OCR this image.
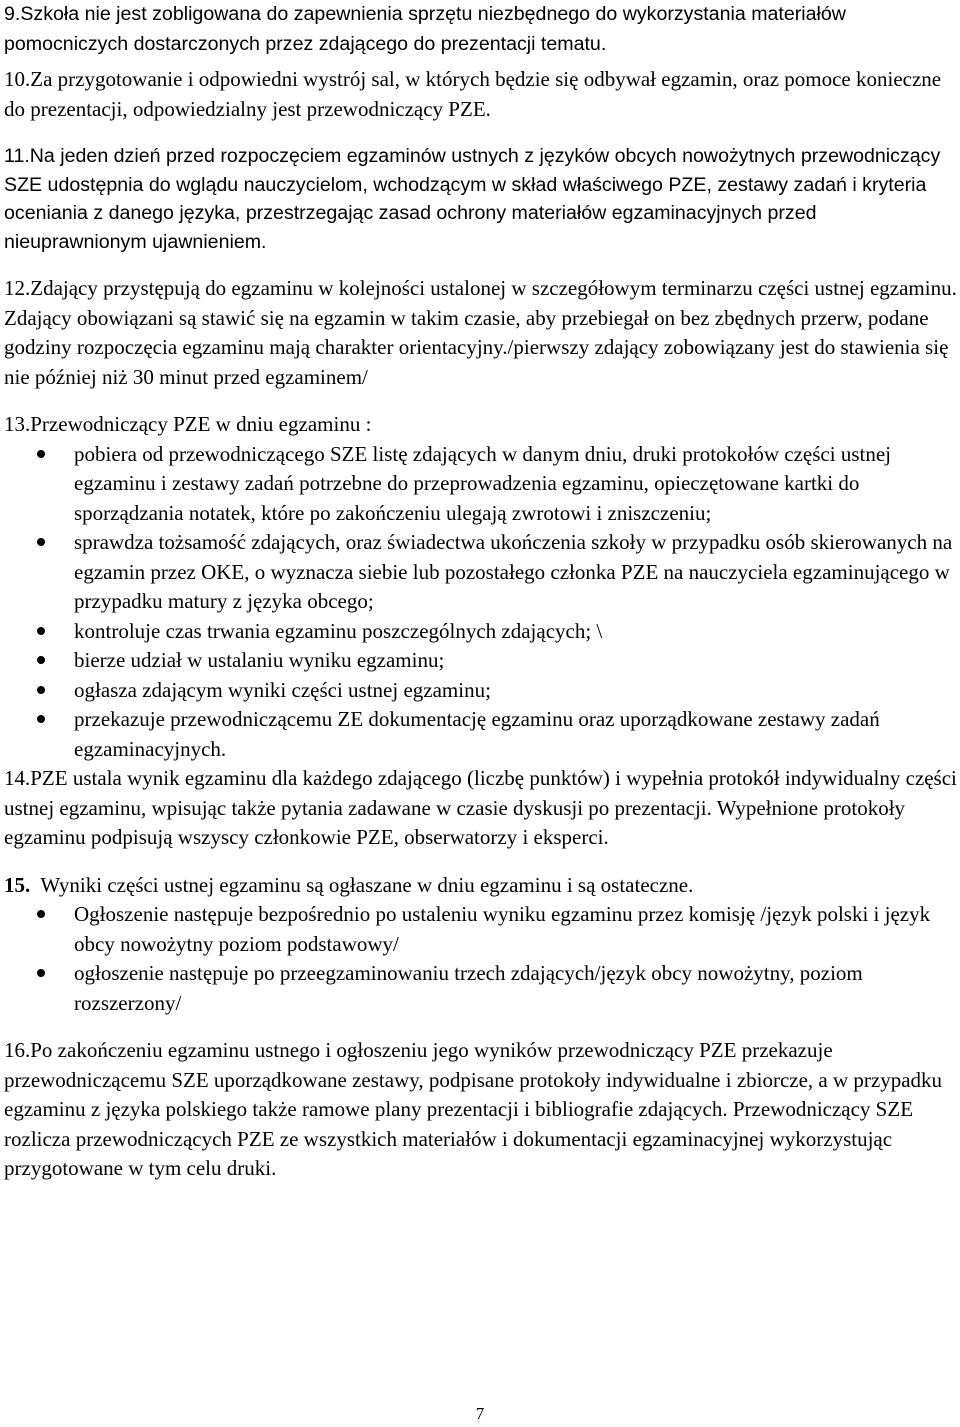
9.Szkoła nie jest zobligowana do zapewnienia sprzętu niezbędnego do wykorzystania materiałów pomocniczych dostarczonych przez zdającego do prezentacji tematu.

10.Za przygotowanie i odpowiedni wystrój sal, w których będzie się odbywał egzamin, oraz pomoce konieczne do prezentacji, odpowiedzialny jest przewodniczący PZE.

11.Na jeden dzień przed rozpoczęciem egzaminów ustnych z języków obcych nowożytnych przewodniczący SZE udostępnia do wglądu nauczycielom, wchodzącym w skład właściwego PZE, zestawy zadań i kryteria oceniania z danego języka, przestrzegając zasad ochrony materiałów egzaminacyjnych przed nieuprawnionym ujawnieniem.

12.Zdający przystępują do egzaminu w kolejności ustalonej w szczegółowym terminarzu części ustnej egzaminu. Zdający obowiązani są stawić się na egzamin w takim czasie, aby przebiegał on bez zbędnych przerw, podane godziny rozpoczęcia egzaminu mają charakter orientacyjny./pierwszy zdający zobowiązany jest do stawienia się nie później niż 30 minut przed egzaminem/

13.Przewodniczący PZE w dniu egzaminu :

pobiera od przewodniczącego SZE listę zdających w danym dniu, druki protokołów części ustnej egzaminu i zestawy zadań potrzebne do przeprowadzenia egzaminu, opieczętowane kartki do sporządzania notatek, które po zakończeniu ulegają zwrotowi i zniszczeniu;
sprawdza tożsamość zdających, oraz świadectwa ukończenia szkoły w przypadku osób skierowanych na egzamin przez OKE, o wyznacza siebie lub pozostałego członka PZE na nauczyciela egzaminującego w przypadku matury z języka obcego;
kontroluje czas trwania egzaminu poszczególnych zdających; \
bierze udział w ustalaniu wyniku egzaminu;
ogłasza zdającym wyniki części ustnej egzaminu;
przekazuje przewodniczącemu ZE dokumentację egzaminu oraz uporządkowane zestawy zadań egzaminacyjnych.

14.PZE ustala wynik egzaminu dla każdego zdającego (liczbę punktów) i wypełnia protokół indywidualny części ustnej egzaminu, wpisując także pytania zadawane w czasie dyskusji po prezentacji. Wypełnione protokoły egzaminu podpisują wszyscy członkowie PZE, obserwatorzy i eksperci.

15. Wyniki części ustnej egzaminu są ogłaszane w dniu egzaminu i są ostateczne.

Ogłoszenie następuje bezpośrednio po ustaleniu wyniku egzaminu przez komisję /język polski i język obcy nowożytny poziom podstawowy/
ogłoszenie następuje po przeegzaminowaniu trzech zdających/język obcy nowożytny, poziom rozszerzony/

16.Po zakończeniu egzaminu ustnego i ogłoszeniu jego wyników przewodniczący PZE przekazuje przewodniczącemu SZE uporządkowane zestawy, podpisane protokoły indywidualne i zbiorcze, a w przypadku egzaminu z języka polskiego także ramowe plany prezentacji i bibliografie zdających. Przewodniczący SZE rozlicza przewodniczących PZE ze wszystkich materiałów i dokumentacji egzaminacyjnej wykorzystując przygotowane w tym celu druki.

7
